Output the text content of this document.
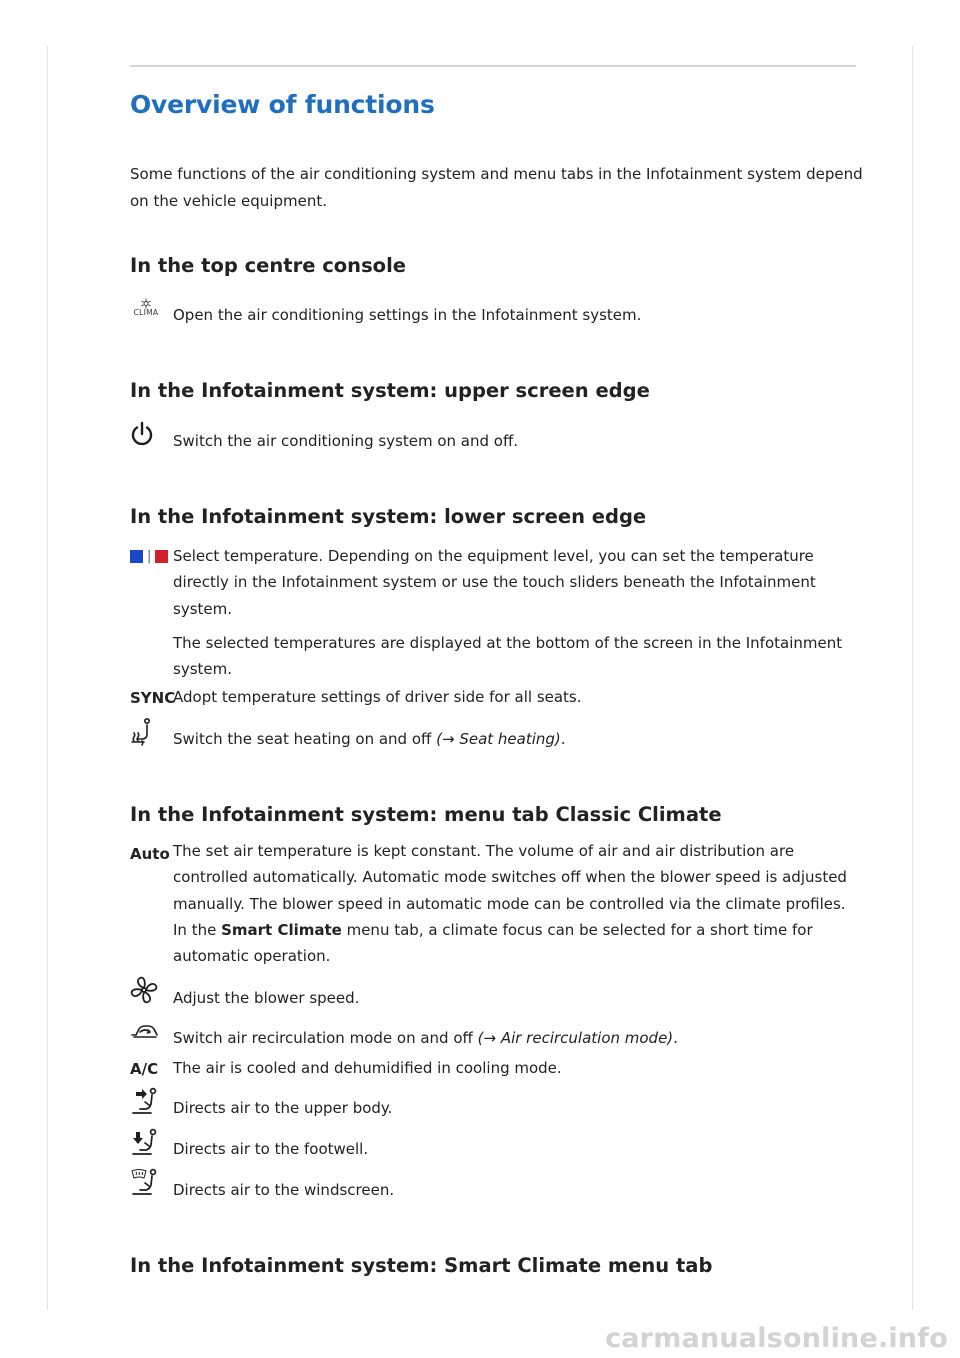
Overview of functions

Some functions of the air conditioning system and menu tabs in the Infotainment system depend on the vehicle equipment.

In the top centre console
CLIMA Open the air conditioning settings in the Infotainment system.

In the Infotainment system: upper screen edge

Switch the air conditioning system on and off.

In the Infotainment system: lower screen edge
|	Select temperature. Depending on the equipment level, you can set the temperature directly in the Infotainment system or use the touch sliders beneath the Infotainment system.

The selected temperatures are displayed at the bottom of the screen in the Infotainment system.

SYNC

Adopt temperature settings of driver side for all seats.

Switch the seat heating on and off (→ Seat heating).

In the Infotainment system: menu tab Classic Climate
Auto The set air temperature is kept constant. The volume of air and air distribution are controlled automatically. Automatic mode switches off when the blower speed is adjusted manually. The blower speed in automatic mode can be controlled via the climate profiles. In the Smart Climate menu tab, a climate focus can be selected for a short time for automatic operation.

Adjust the blower speed.

Switch air recirculation mode on and off (→ Air recirculation mode).

A/C The air is cooled and dehumidified in cooling mode.

Directs air to the upper body.

Directs air to the footwell.

Directs air to the windscreen.

In the Infotainment system: Smart Climate menu tab
carmanualsonline.info
